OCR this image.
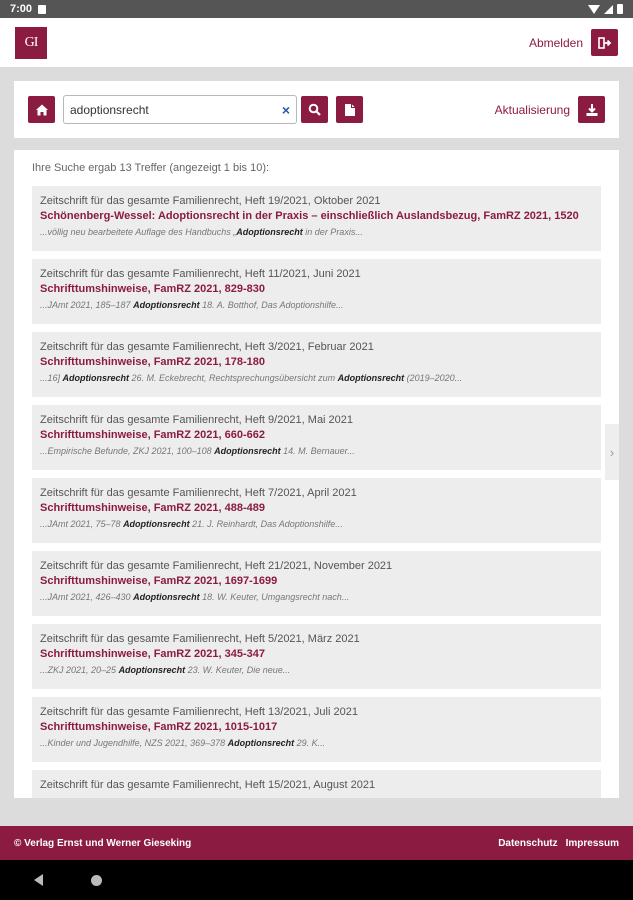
7:00
GI	Abmelden
adoptionsrecht	×	Aktualisierung
Ihre Suche ergab 13 Treffer (angezeigt 1 bis 10):
Zeitschrift für das gesamte Familienrecht, Heft 19/2021, Oktober 2021
Schönenberg-Wessel: Adoptionsrecht in der Praxis – einschließlich Auslandsbezug, FamRZ 2021, 1520
...völlig neu bearbeitete Auflage des Handbuchs „Adoptionsrecht in der Praxis...
Zeitschrift für das gesamte Familienrecht, Heft 11/2021, Juni 2021
Schrifttumshinweise, FamRZ 2021, 829-830
...JAmt 2021, 185–187 Adoptionsrecht 18. A. Botthof, Das Adoptionshilfe...
Zeitschrift für das gesamte Familienrecht, Heft 3/2021, Februar 2021
Schrifttumshinweise, FamRZ 2021, 178-180
...16] Adoptionsrecht 26. M. Eckebrecht, Rechtsprechungsübersicht zum Adoptionsrecht (2019–2020...
Zeitschrift für das gesamte Familienrecht, Heft 9/2021, Mai 2021
Schrifttumshinweise, FamRZ 2021, 660-662
...Empirische Befunde, ZKJ 2021, 100–108 Adoptionsrecht 14. M. Bernauer...
Zeitschrift für das gesamte Familienrecht, Heft 7/2021, April 2021
Schrifttumshinweise, FamRZ 2021, 488-489
...JAmt 2021, 75–78 Adoptionsrecht 21. J. Reinhardt, Das Adoptionshilfe...
Zeitschrift für das gesamte Familienrecht, Heft 21/2021, November 2021
Schrifttumshinweise, FamRZ 2021, 1697-1699
...JAmt 2021, 426–430 Adoptionsrecht 18. W. Keuter, Umgangsrecht nach...
Zeitschrift für das gesamte Familienrecht, Heft 5/2021, März 2021
Schrifttumshinweise, FamRZ 2021, 345-347
...ZKJ 2021, 20–25 Adoptionsrecht 23. W. Keuter, Die neue...
Zeitschrift für das gesamte Familienrecht, Heft 13/2021, Juli 2021
Schrifttumshinweise, FamRZ 2021, 1015-1017
...Kinder und Jugendhilfe, NZS 2021, 369–378 Adoptionsrecht 29. K...
Zeitschrift für das gesamte Familienrecht, Heft 15/2021, August 2021
›
© Verlag Ernst und Werner Gieseking	Datenschutz Impressum
